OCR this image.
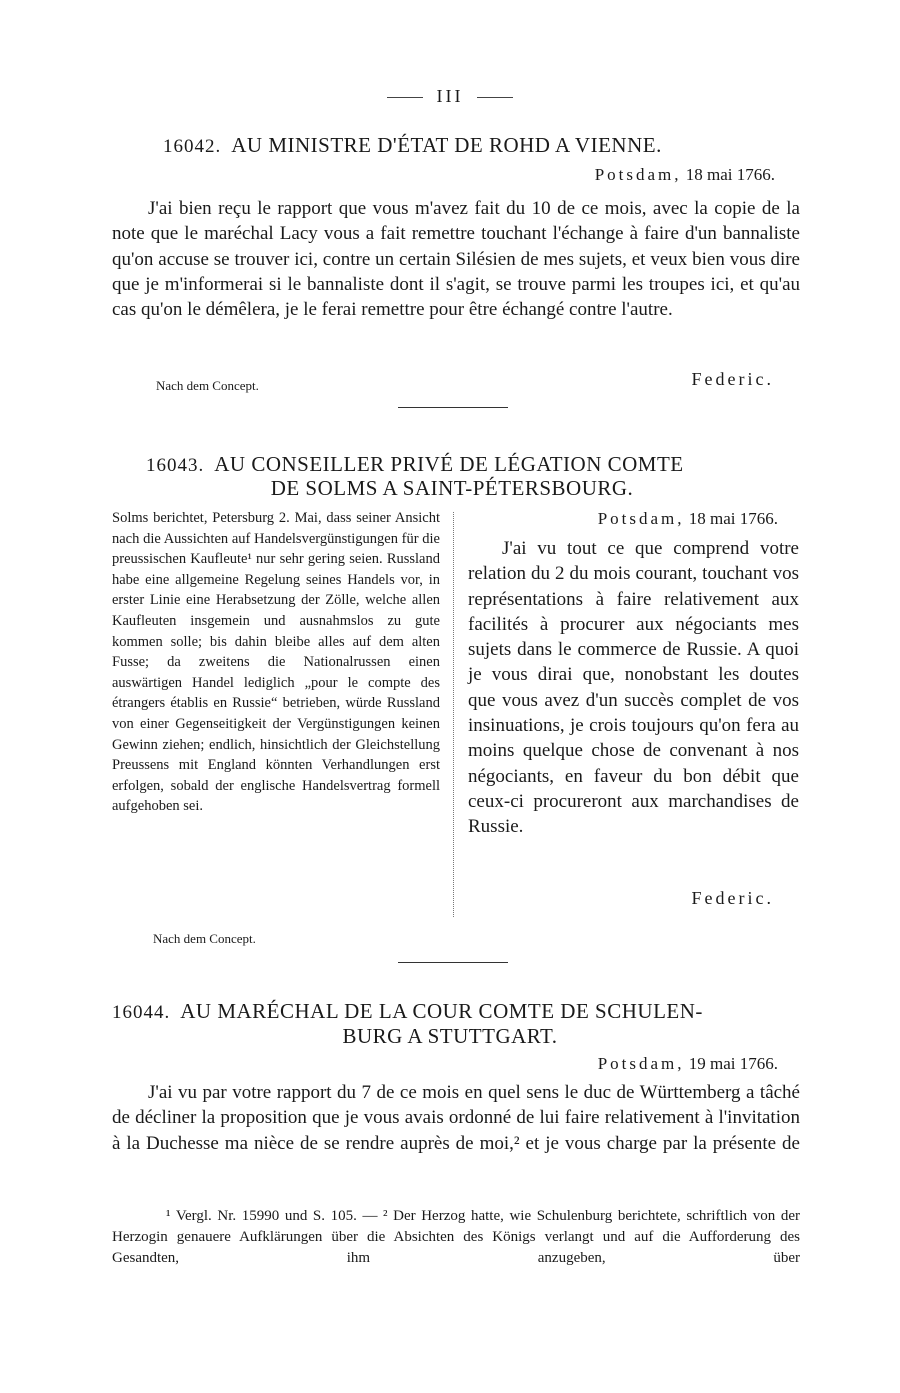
III
16042. AU MINISTRE D'ÉTAT DE ROHD A VIENNE.
Potsdam, 18 mai 1766.
J'ai bien reçu le rapport que vous m'avez fait du 10 de ce mois, avec la copie de la note que le maréchal Lacy vous a fait remettre touchant l'échange à faire d'un bannaliste qu'on accuse se trouver ici, contre un certain Silésien de mes sujets, et veux bien vous dire que je m'informerai si le bannaliste dont il s'agit, se trouve parmi les troupes ici, et qu'au cas qu'on le démêlera, je le ferai remettre pour être échangé contre l'autre.
Nach dem Concept.	Federic.
16043. AU CONSEILLER PRIVÉ DE LÉGATION COMTE
DE SOLMS A SAINT-PÉTERSBOURG.
Solms berichtet, Petersburg 2. Mai, dass seiner Ansicht nach die Aussichten auf Handelsvergünstigungen für die preussischen Kaufleute¹ nur sehr gering seien. Russland habe eine allgemeine Regelung seines Handels vor, in erster Linie eine Herabsetzung der Zölle, welche allen Kaufleuten insgemein und ausnahmslos zu gute kommen solle; bis dahin bleibe alles auf dem alten Fusse; da zweitens die Nationalrussen einen auswärtigen Handel lediglich „pour le compte des étrangers établis en Russie“ betrieben, würde Russland von einer Gegenseitigkeit der Vergünstigungen keinen Gewinn ziehen; endlich, hinsichtlich der Gleichstellung Preussens mit England könnten Verhandlungen erst erfolgen, sobald der englische Handelsvertrag formell aufgehoben sei.
Nach dem Concept.
Potsdam, 18 mai 1766.
J'ai vu tout ce que comprend votre relation du 2 du mois courant, touchant vos représentations à faire relativement aux facilités à procurer aux négociants mes sujets dans le commerce de Russie. A quoi je vous dirai que, nonobstant les doutes que vous avez d'un succès complet de vos insinuations, je crois toujours qu'on fera au moins quelque chose de convenant à nos négociants, en faveur du bon débit que ceux-ci procureront aux marchandises de Russie.
Federic.
16044. AU MARÉCHAL DE LA COUR COMTE DE SCHULEN-
BURG A STUTTGART.
Potsdam, 19 mai 1766.
J'ai vu par votre rapport du 7 de ce mois en quel sens le duc de Württemberg a tâché de décliner la proposition que je vous avais ordonné de lui faire relativement à l'invitation à la Duchesse ma nièce de se rendre auprès de moi,² et je vous charge par la présente de
¹ Vergl. Nr. 15990 und S. 105. — ² Der Herzog hatte, wie Schulenburg berichtete, schriftlich von der Herzogin genauere Aufklärungen über die Absichten des Königs verlangt und auf die Aufforderung des Gesandten, ihm anzugeben, über
